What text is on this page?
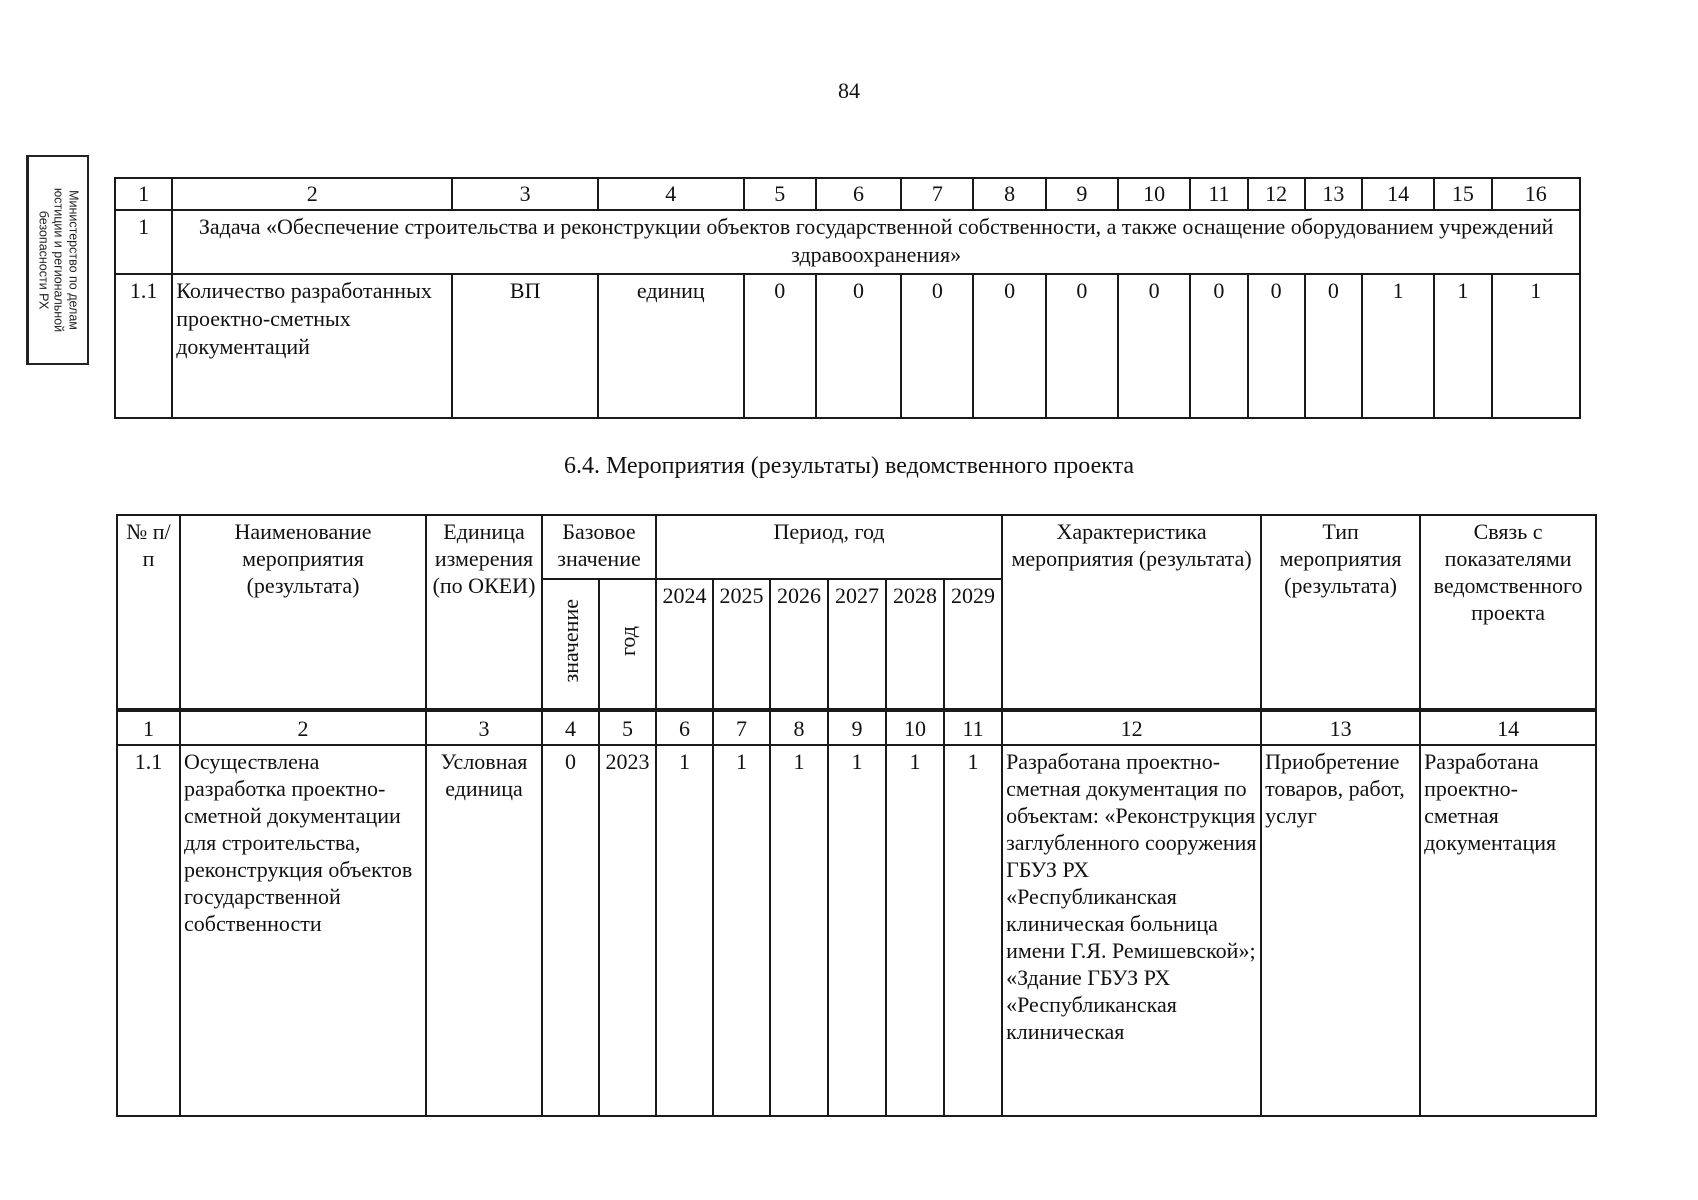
84
Министерство по делам
юстиции и региональной
безопасности РХ
1	2	3	4	5	6	7	8	9	10	11	12	13	14	15	16
1	Задача «Обеспечение строительства и реконструкции объектов государственной собственности, а также оснащение оборудованием учреждений здравоохранения»														
1.1	Количество разработанных проектно-сметных документаций	ВП	единиц	0	0	0	0	0	0	0	0	0	1	1	1
6.4. Мероприятия (результаты) ведомственного проекта
№ п/п	Наименование мероприятия (результата)	Единица измерения (по ОКЕИ)	Базовое значение		Период, год						Характеристика мероприятия (результата)	Тип мероприятия (результата)	Связь с показателями ведомственного проекта
			значение	год	2024	2025	2026	2027	2028	2029			

1	2	3	4	5	6	7	8	9	10	11	12	13	14
1.1	Осуществлена разработка проектно-сметной документации для строительства, реконструкция объектов государственной собственности	Условная единица	0	2023	1	1	1	1	1	1	Разработана проектно-сметная документация по объектам: «Реконструкция заглубленного сооружения ГБУЗ РХ «Республиканская клиническая больница имени Г.Я. Ремишевской»; «Здание ГБУЗ РХ «Республиканская клиническая	Приобретение товаров, работ, услуг	Разработана проектно-сметная документация
